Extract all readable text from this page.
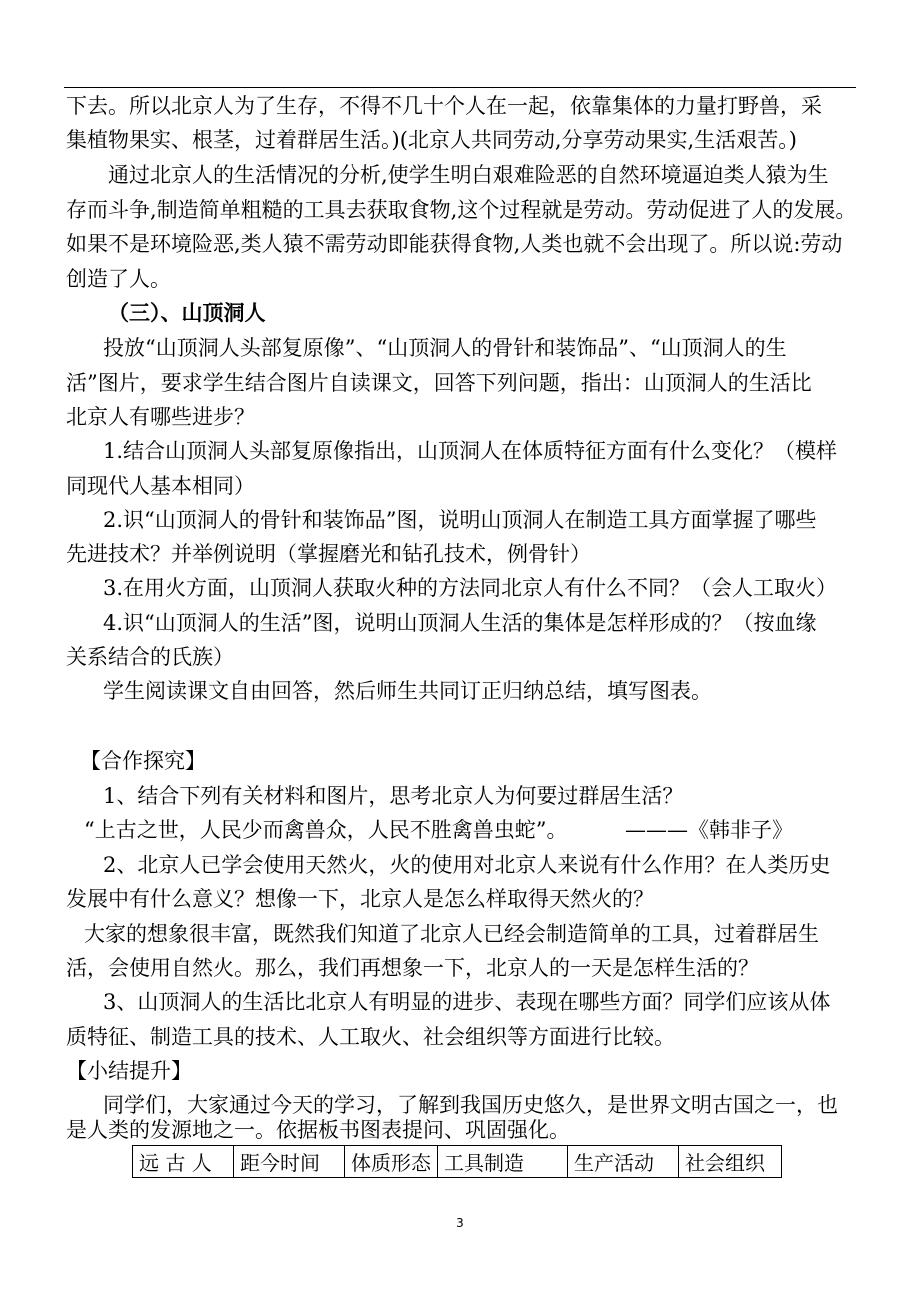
下去。所以北京人为了生存，不得不几十个人在一起，依靠集体的力量打野兽，采
集植物果实、根茎，过着群居生活。)(北京人共同劳动,分享劳动果实,生活艰苦。)
通过北京人的生活情况的分析,使学生明白艰难险恶的自然环境逼迫类人猿为生
存而斗争,制造简单粗糙的工具去获取食物,这个过程就是劳动。劳动促进了人的发展。
如果不是环境险恶,类人猿不需劳动即能获得食物,人类也就不会出现了。所以说:劳动
创造了人。
（三）、山顶洞人
投放“山顶洞人头部复原像”、“山顶洞人的骨针和装饰品”、“山顶洞人的生
活”图片，要求学生结合图片自读课文，回答下列问题，指出：山顶洞人的生活比
北京人有哪些进步？
1.结合山顶洞人头部复原像指出，山顶洞人在体质特征方面有什么变化？（模样
同现代人基本相同）
2.识“山顶洞人的骨针和装饰品”图，说明山顶洞人在制造工具方面掌握了哪些
先进技术？并举例说明（掌握磨光和钻孔技术，例骨针）
3.在用火方面，山顶洞人获取火种的方法同北京人有什么不同？（会人工取火）
4.识“山顶洞人的生活”图，说明山顶洞人生活的集体是怎样形成的？（按血缘
关系结合的氏族）
学生阅读课文自由回答，然后师生共同订正归纳总结，填写图表。
【合作探究】
1、结合下列有关材料和图片，思考北京人为何要过群居生活？
“上古之世，人民少而禽兽众，人民不胜禽兽虫蛇”。	———《韩非子》
2、北京人已学会使用天然火，火的使用对北京人来说有什么作用？在人类历史
发展中有什么意义？想像一下，北京人是怎么样取得天然火的？
大家的想象很丰富，既然我们知道了北京人已经会制造简单的工具，过着群居生
活，会使用自然火。那么，我们再想象一下，北京人的一天是怎样生活的？
3、山顶洞人的生活比北京人有明显的进步、表现在哪些方面？同学们应该从体
质特征、制造工具的技术、人工取火、社会组织等方面进行比较。
【小结提升】
同学们，大家通过今天的学习，了解到我国历史悠久，是世界文明古国之一，也
是人类的发源地之一。依据板书图表提问、巩固强化。
远 古 人	距今时间	体质形态	工具制造	生产活动	社会组织
3
